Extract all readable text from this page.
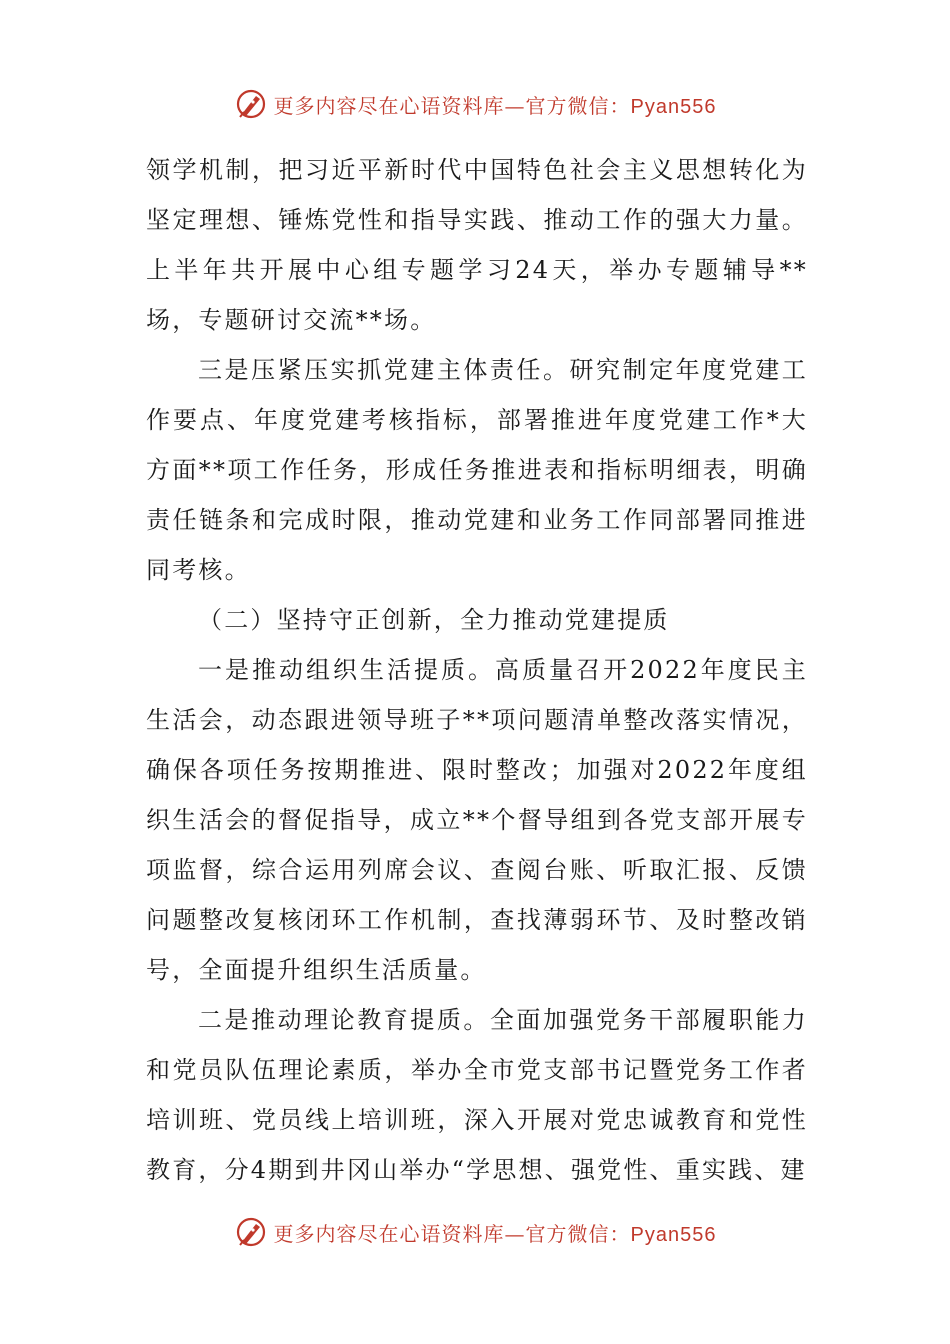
更多内容尽在心语资料库—官方微信：Pyan556

领学机制，把习近平新时代中国特色社会主义思想转化为坚定理想、锤炼党性和指导实践、推动工作的强大力量。上半年共开展中心组专题学习24天，举办专题辅导**场，专题研讨交流**场。

三是压紧压实抓党建主体责任。研究制定年度党建工作要点、年度党建考核指标，部署推进年度党建工作*大方面**项工作任务，形成任务推进表和指标明细表，明确责任链条和完成时限，推动党建和业务工作同部署同推进同考核。

（二）坚持守正创新，全力推动党建提质

一是推动组织生活提质。高质量召开2022年度民主生活会，动态跟进领导班子**项问题清单整改落实情况，确保各项任务按期推进、限时整改；加强对2022年度组织生活会的督促指导，成立**个督导组到各党支部开展专项监督，综合运用列席会议、查阅台账、听取汇报、反馈问题整改复核闭环工作机制，查找薄弱环节、及时整改销号，全面提升组织生活质量。

二是推动理论教育提质。全面加强党务干部履职能力和党员队伍理论素质，举办全市党支部书记暨党务工作者培训班、党员线上培训班，深入开展对党忠诚教育和党性教育，分4期到井冈山举办“学思想、强党性、重实践、建

更多内容尽在心语资料库—官方微信：Pyan556
